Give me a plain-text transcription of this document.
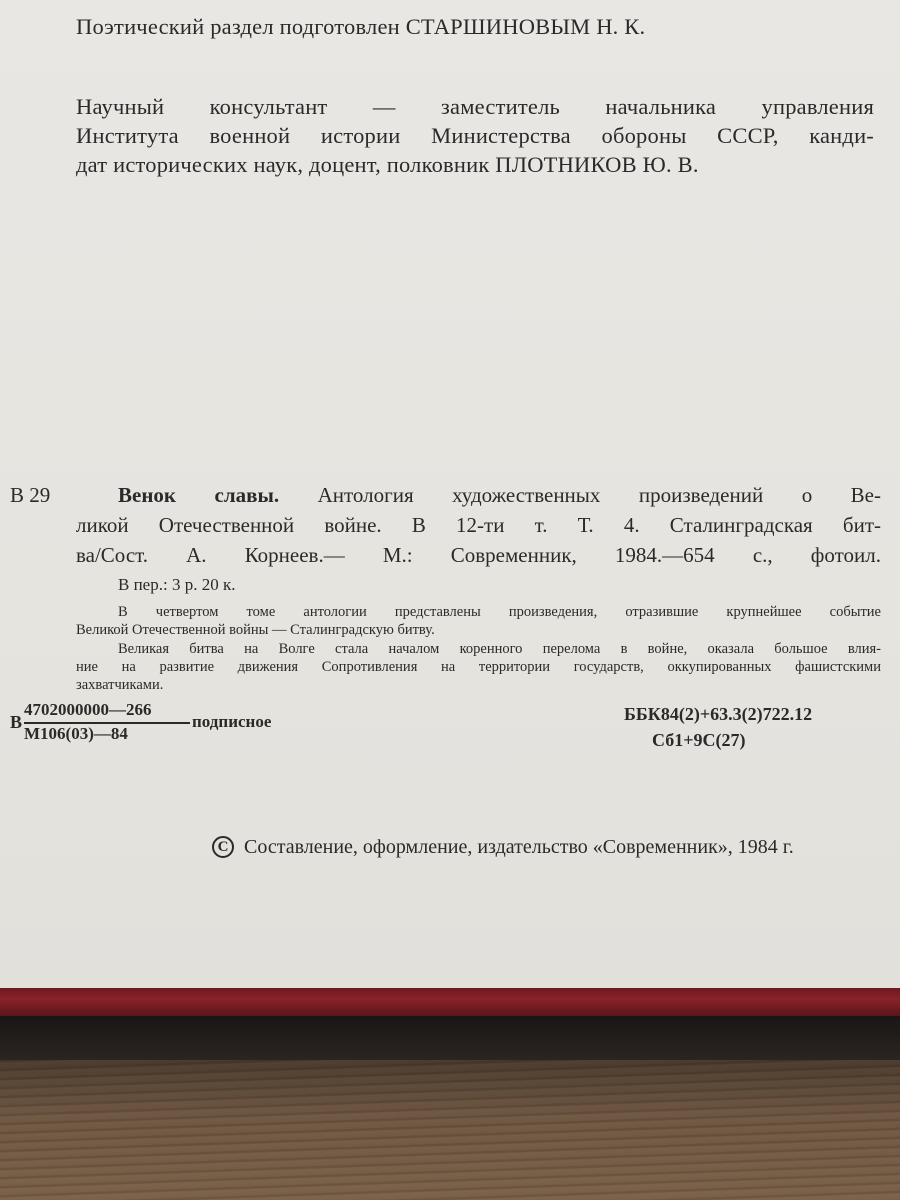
Поэтический раздел подготовлен СТАРШИНОВЫМ Н. К.
Научный консультант — заместитель начальника управления
Института военной истории Министерства обороны СССР, канди-
дат исторических наук, доцент, полковник ПЛОТНИКОВ Ю. В.
В 29	Венок славы. Антология художественных произведений о Ве-
ликой Отечественной войне. В 12-ти т. Т. 4. Сталинградская бит-
ва/Сост. А. Корнеев.— М.: Современник, 1984.—654 с., фотоил.
В пер.: 3 р. 20 к.
В четвертом томе антологии представлены произведения, отразившие крупнейшее событие
Великой Отечественной войны — Сталинградскую битву.
Великая битва на Волге стала началом коренного перелома в войне, оказала большое влия-
ние на развитие движения Сопротивления на территории государств, оккупированных фашистскими
захватчиками.
В
4702000000—266
М106(03)—84
подписное	ББК84(2)+63.3(2)722.12
Сб1+9С(27)
С Составление, оформление, издательство «Современник», 1984 г.
